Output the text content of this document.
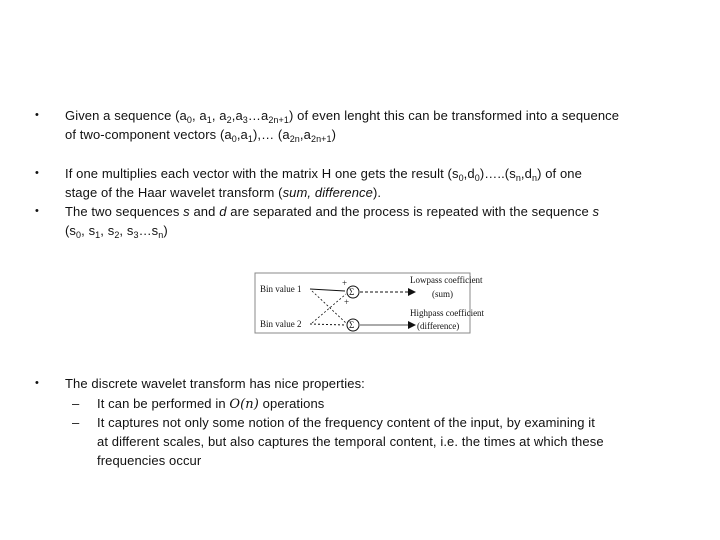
• Given a sequence ($a_0$, $a_1$, $a_2,a_3\dots a_{2n+1}$) of even lenght this can be transformed into a sequence
of two-component vectors $(a_0,a_1),\dots$ $(a_{2n},a_{2n+1})$
• If one multiplies each vector with the matrix H one gets the result $(s_0,d_0)\dots..(s_n,d_n)$ of one
stage of the Haar wavelet transform (sum, difference).
• The two sequences s and d are separated and the process is repeated with the sequence s
($s_0$, $s_1$, $s_2$, $s_3\dots s_n$)
• The discrete wavelet transform has nice properties:
– It can be performed in O(n) operations
– It captures not only some notion of the frequency content of the input, by examining it
at different scales, but also captures the temporal content, i.e. the times at which these
frequencies occur
Bin value 1
Bin value 2
Σ
Σ
+
+
Lowpass coefficient
(sum)
Highpass coefficient
(difference)
